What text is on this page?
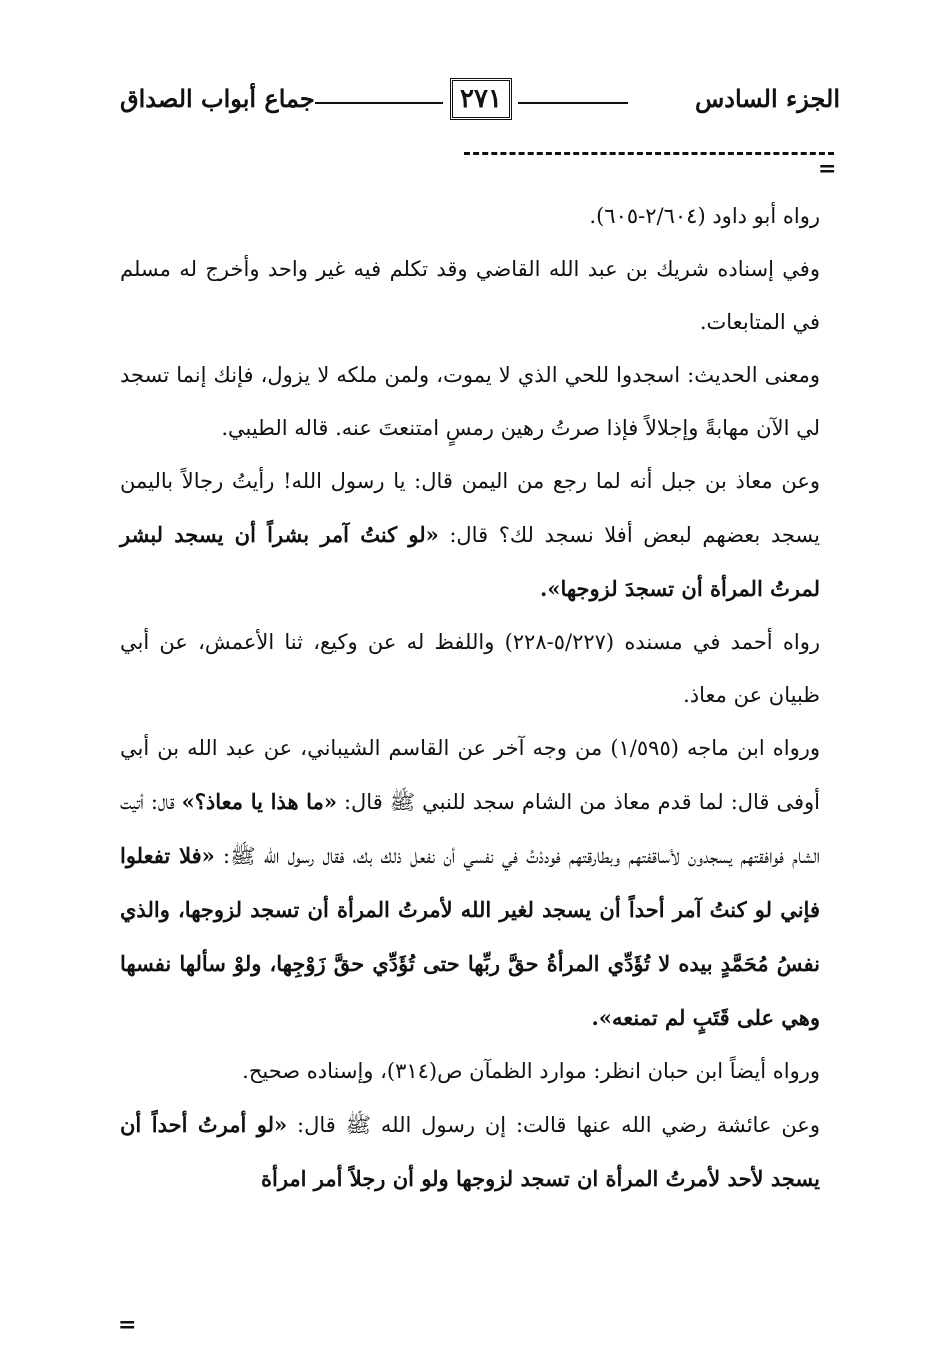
الجزء السادس
٢٧١
جماع أبواب الصداق
=

رواه أبو داود (٢/٦٠٤-٦٠٥).

وفي إسناده شريك بن عبد الله القاضي وقد تكلم فيه غير واحد وأخرج له مسلم في المتابعات.

ومعنى الحديث: اسجدوا للحي الذي لا يموت، ولمن ملكه لا يزول، فإنك إنما تسجد لي الآن مهابةً وإجلالاً فإذا صرتُ رهين رمسٍ امتنعتَ عنه. قاله الطيبي.

وعن معاذ بن جبل أنه لما رجع من اليمن قال: يا رسول الله! رأيتُ رجالاً باليمن يسجد بعضهم لبعض أفلا نسجد لك؟ قال: «لو كنتُ آمر بشراً أن يسجد لبشر لمرتُ المرأة أن تسجدَ لزوجها».

رواه أحمد في مسنده (٥/٢٢٧-٢٢٨) واللفظ له عن وكيع، ثنا الأعمش، عن أبي ظبيان عن معاذ.

ورواه ابن ماجه (١/٥٩٥) من وجه آخر عن القاسم الشيباني، عن عبد الله بن أبي أوفى قال: لما قدم معاذ من الشام سجد للنبي ﷺ قال: «ما هذا يا معاذ؟» قال: أتيت الشام فوافقتهم يسجدون لأساقفتهم وبطارقتهم فوددْتُ في نفسي أن نفعل ذلك بك، فقال رسول الله ﷺ: «فلا تفعلوا فإني لو كنتُ آمر أحداً أن يسجد لغير الله لأمرتُ المرأة أن تسجد لزوجها، والذي نفسُ مُحَمَّدٍ بيده لا تُؤَدِّي المرأةُ حقَّ ربِّها حتى تُؤَدِّي حقَّ زَوْجِها، ولوْ سألها نفسها وهي على قَتَبٍ لم تمنعه».

ورواه أيضاً ابن حبان انظر: موارد الظمآن ص(٣١٤)، وإسناده صحيح.

وعن عائشة رضي الله عنها قالت: إن رسول الله ﷺ قال: «لو أمرتُ أحداً أن يسجد لأحد لأمرتُ المرأة ان تسجد لزوجها ولو أن رجلاً أمر امرأة

=
